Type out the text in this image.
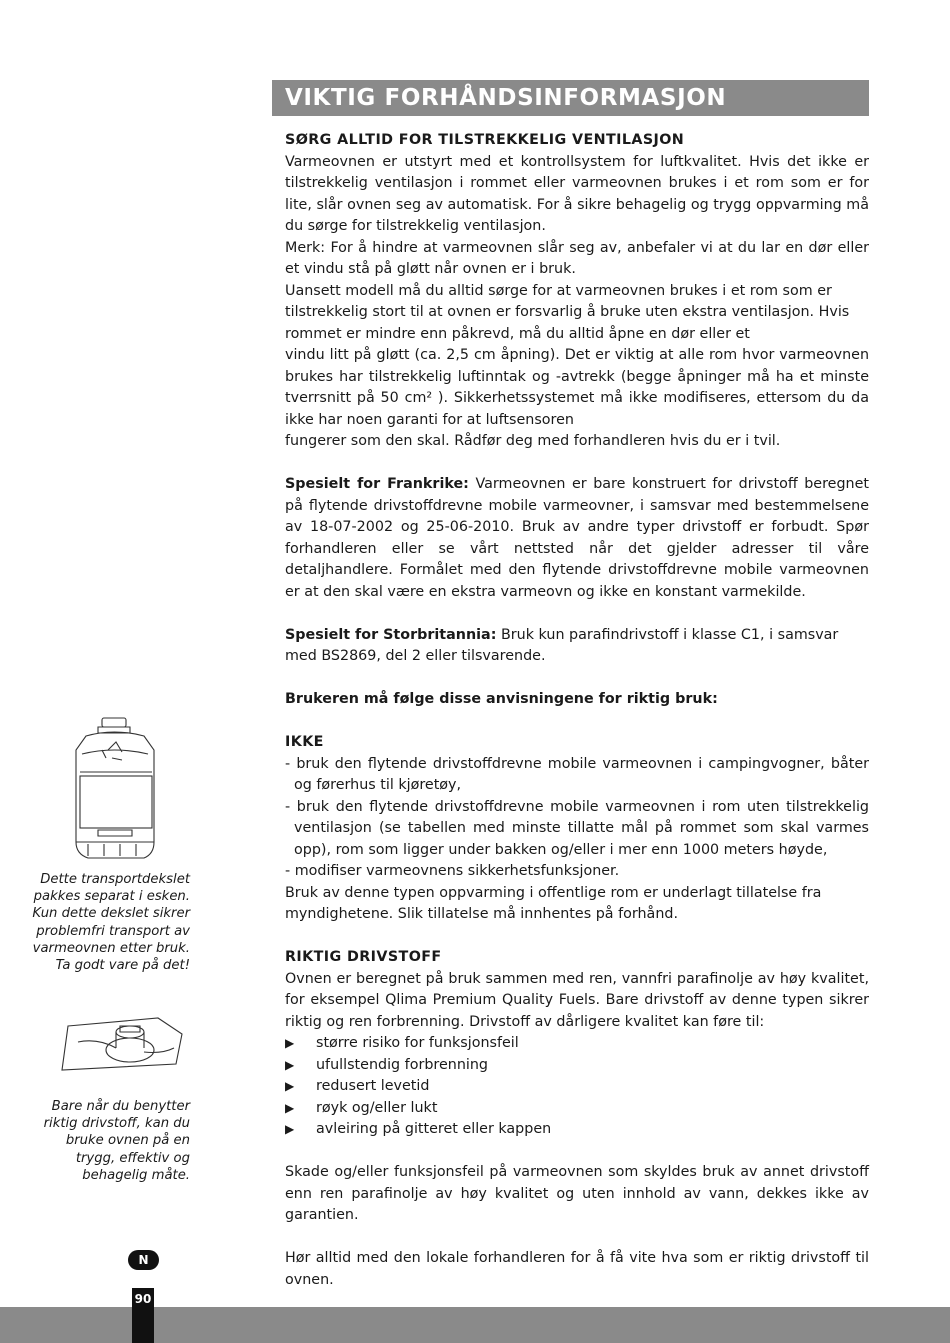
VIKTIG FORHÅNDSINFORMASJON

SØRG ALLTID FOR TILSTREKKELIG VENTILASJON

Varmeovnen er utstyrt med et kontrollsystem for luftkvalitet. Hvis det ikke er tilstrekkelig ventilasjon i rommet eller varmeovnen brukes i et rom som er for lite, slår ovnen seg av automatisk. For å sikre behagelig og trygg oppvarming må du sørge for tilstrekkelig ventilasjon.

Merk: For å hindre at varmeovnen slår seg av, anbefaler vi at du lar en dør eller et vindu stå på gløtt når ovnen er i bruk.

Uansett modell må du alltid sørge for at varmeovnen brukes i et rom som er tilstrekkelig stort til at ovnen er forsvarlig å bruke uten ekstra ventilasjon. Hvis rommet er mindre enn påkrevd, må du alltid åpne en dør eller et

vindu litt på gløtt (ca. 2,5 cm åpning). Det er viktig at alle rom hvor varmeovnen brukes har tilstrekkelig luftinntak og -avtrekk (begge åpninger må ha et minste tverrsnitt på 50 cm² ). Sikkerhetssystemet må ikke modifiseres, ettersom du da ikke har noen garanti for at luftsensoren

fungerer som den skal. Rådfør deg med forhandleren hvis du er i tvil.

Spesielt for Frankrike: Varmeovnen er bare konstruert for drivstoff beregnet på flytende drivstoffdrevne mobile varmeovner, i samsvar med bestemmelsene av 18-07-2002 og 25-06-2010. Bruk av andre typer drivstoff er forbudt. Spør forhandleren eller se vårt nettsted når det gjelder adresser til våre detaljhandlere. Formålet med den flytende drivstoffdrevne mobile varmeovnen er at den skal være en ekstra varmeovn og ikke en konstant varmekilde.

Spesielt for Storbritannia: Bruk kun parafindrivstoff i klasse C1, i samsvar med BS2869, del 2 eller tilsvarende.

Brukeren må følge disse anvisningene for riktig bruk:

IKKE

- bruk den flytende drivstoffdrevne mobile varmeovnen i campingvogner, båter og førerhus til kjøretøy,

- bruk den flytende drivstoffdrevne mobile varmeovnen i rom uten tilstrekkelig ventilasjon (se tabellen med minste tillatte mål på rommet som skal varmes opp), rom som ligger under bakken og/eller i mer enn 1000 meters høyde,

- modifiser varmeovnens sikkerhetsfunksjoner.

Bruk av denne typen oppvarming i offentlige rom er underlagt tillatelse fra myndighetene. Slik tillatelse må innhentes på forhånd.

RIKTIG DRIVSTOFF

Ovnen er beregnet på bruk sammen med ren, vannfri parafinolje av høy kvalitet, for eksempel Qlima Premium Quality Fuels. Bare drivstoff av denne typen sikrer riktig og ren forbrenning. Drivstoff av dårligere kvalitet kan føre til:

▶	større risiko for funksjonsfeil
▶	ufullstendig forbrenning
▶	redusert levetid
▶	røyk og/eller lukt
▶	avleiring på gitteret eller kappen

Skade og/eller funksjonsfeil på varmeovnen som skyldes bruk av annet drivstoff enn ren parafinolje av høy kvalitet og uten innhold av vann, dekkes ikke av garantien.

Hør alltid med den lokale forhandleren for å få vite hva som er riktig drivstoff til ovnen.

Dette transportdekslet pakkes separat i esken. Kun dette dekslet sikrer problemfri transport av varmeovnen etter bruk. Ta godt vare på det!
Bare når du benytter riktig drivstoff, kan du bruke ovnen på en trygg, effektiv og behagelig måte.
N
90
